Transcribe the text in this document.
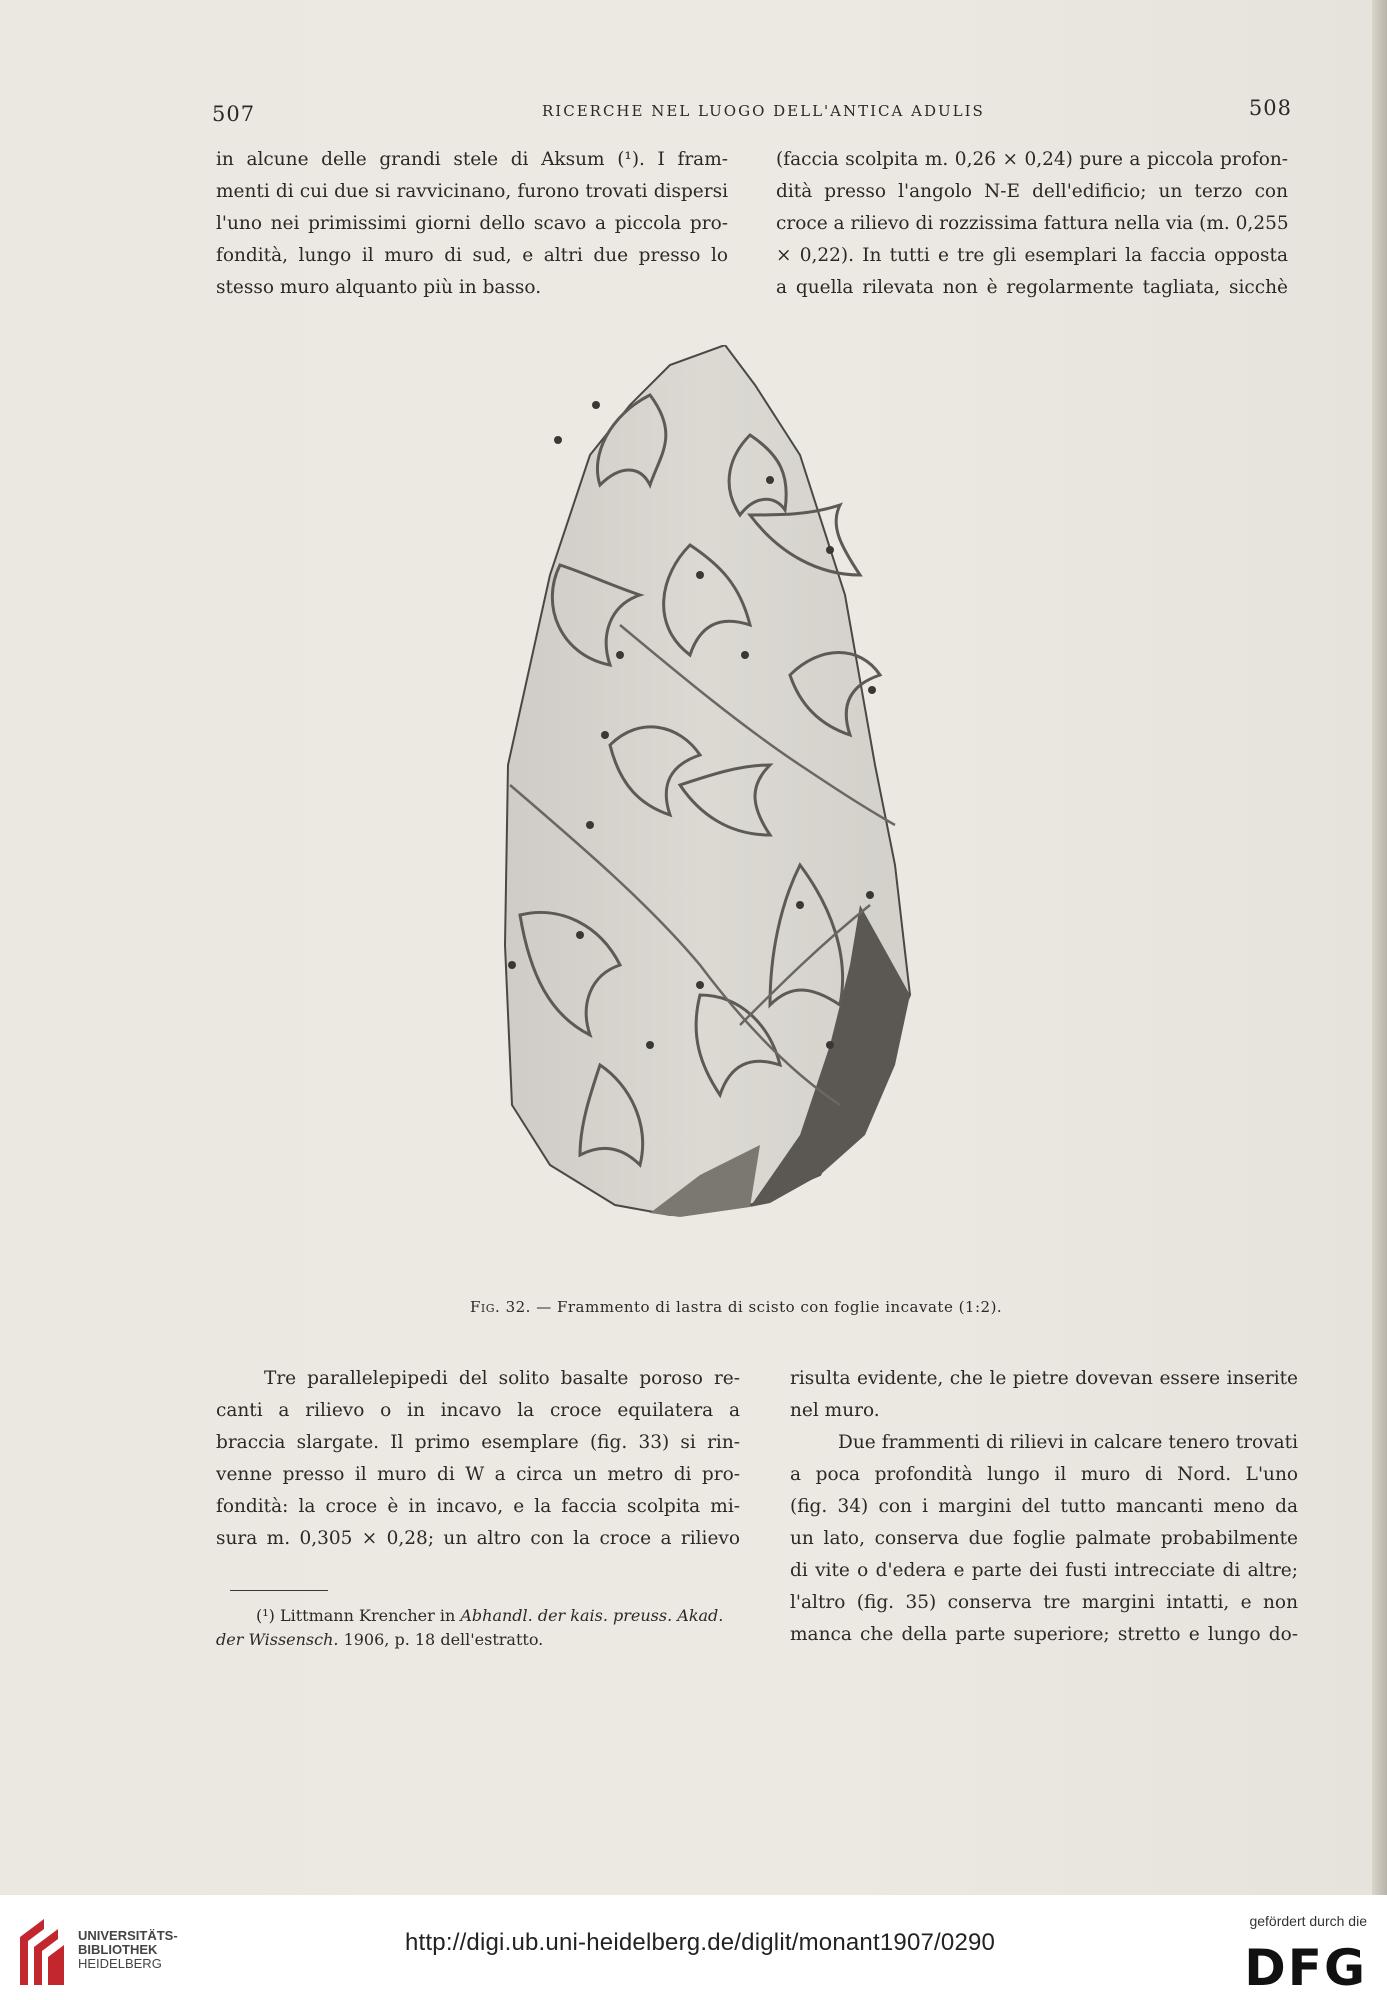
507	RICERCHE NEL LUOGO DELL'ANTICA ADULIS	508
in alcune delle grandi stele di Aksum (¹). I fram-
menti di cui due si ravvicinano, furono trovati dispersi
l'uno nei primissimi giorni dello scavo a piccola pro-
fondità, lungo il muro di sud, e altri due presso lo
stesso muro alquanto più in basso.
(faccia scolpita m. 0,26 × 0,24) pure a piccola profon-
dità presso l'angolo N-E dell'edificio; un terzo con
croce a rilievo di rozzissima fattura nella via (m. 0,255
× 0,22). In tutti e tre gli esemplari la faccia opposta
a quella rilevata non è regolarmente tagliata, sicchè
Fig. 32. — Frammento di lastra di scisto con foglie incavate (1:2).
Tre parallelepipedi del solito basalte poroso re-
canti a rilievo o in incavo la croce equilatera a
braccia slargate. Il primo esemplare (fig. 33) si rin-
venne presso il muro di W a circa un metro di pro-
fondità: la croce è in incavo, e la faccia scolpita mi-
sura m. 0,305 × 0,28; un altro con la croce a rilievo
(¹) Littmann Krencher in Abhandl. der kais. preuss. Akad.
der Wissensch. 1906, p. 18 dell'estratto.
risulta evidente, che le pietre dovevan essere inserite
nel muro.
Due frammenti di rilievi in calcare tenero trovati
a poca profondità lungo il muro di Nord. L'uno
(fig. 34) con i margini del tutto mancanti meno da
un lato, conserva due foglie palmate probabilmente
di vite o d'edera e parte dei fusti intrecciate di altre;
l'altro (fig. 35) conserva tre margini intatti, e non
manca che della parte superiore; stretto e lungo do-
UNIVERSITÄTS-
BIBLIOTHEK
HEIDELBERG
http://digi.ub.uni-heidelberg.de/diglit/monant1907/0290
gefördert durch die
DFG
